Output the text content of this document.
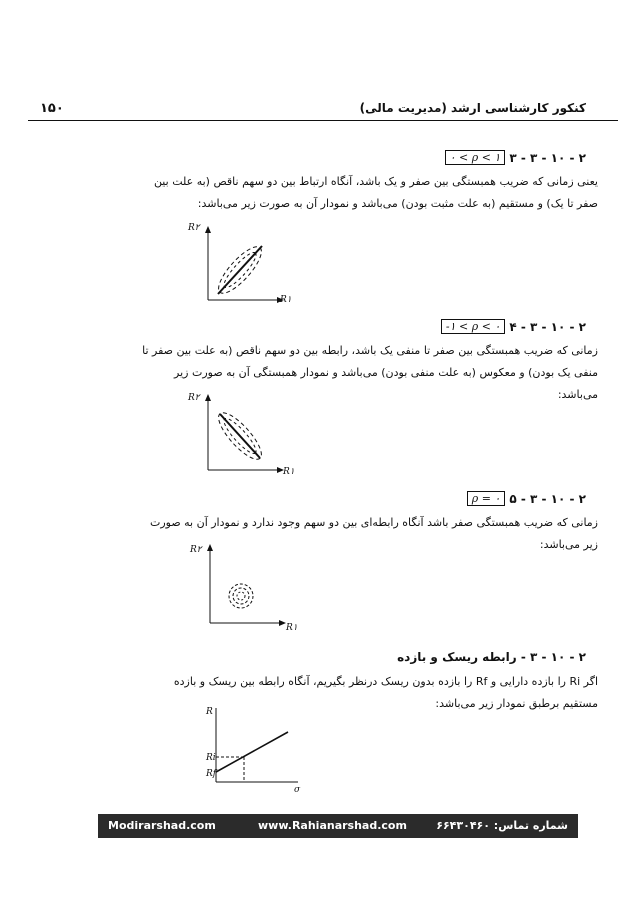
کنکور کارشناسی ارشد (مدیریت مالی)
۱۵۰
۲ - ۱۰ - ۳ - ۳
۰ < ρ < ۱
یعنی زمانی که ضریب همبستگی بین صفر و یک باشد، آنگاه ارتباط بین دو سهم ناقص (به علت بین
صفر تا یک) و مستقیم (به علت مثبت بودن) می‌باشد و نمودار آن به صورت زیر می‌باشد:
R۲
R۱
۲ - ۱۰ - ۳ - ۴
-۱ < ρ < ۰
زمانی که ضریب همبستگی بین صفر تا منفی یک باشد، رابطه بین دو سهم ناقص (به علت بین صفر تا
منفی یک بودن) و معکوس (به علت منفی بودن) می‌باشد و نمودار همبستگی آن به صورت زیر
می‌باشد:
R۲
R۱
۲ - ۱۰ - ۳ - ۵
ρ = ۰
زمانی که ضریب همبستگی صفر باشد آنگاه رابطه‌ای بین دو سهم وجود ندارد و نمودار آن به صورت
زیر می‌باشد:
R۲
R۱
۲ - ۱۰ - ۳ - رابطه ریسک و بازده
اگر Ri را بازده دارایی و Rf را بازده بدون ریسک درنظر بگیریم، آنگاه رابطه بین ریسک و بازده
مستقیم برطبق نمودار زیر می‌باشد:
R
σ
Ri
Rf
شماره تماس: ۶۶۴۳۰۴۶۰
www.Rahianarshad.com
Modirarshad.com
